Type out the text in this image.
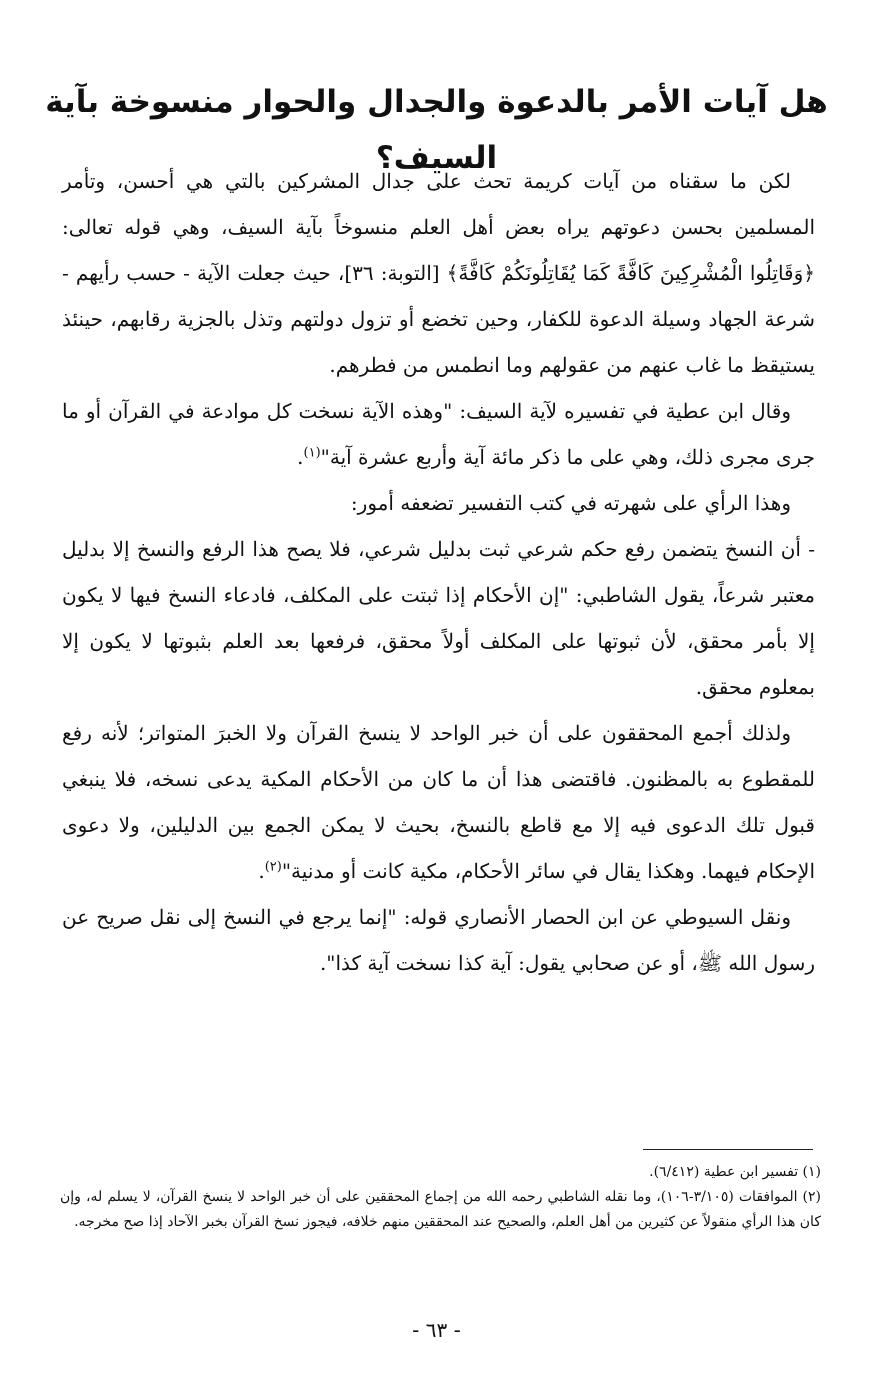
هل آيات الأمر بالدعوة والجدال والحوار منسوخة بآية السيف؟

لكن ما سقناه من آيات كريمة تحث على جدال المشركين بالتي هي أحسن، وتأمر المسلمين بحسن دعوتهم يراه بعض أهل العلم منسوخاً بآية السيف، وهي قوله تعالى: ﴿وَقَاتِلُوا الْمُشْرِكِينَ كَافَّةً كَمَا يُقَاتِلُونَكُمْ كَافَّةً﴾ [التوبة: ٣٦]، حيث جعلت الآية - حسب رأيهم - شرعة الجهاد وسيلة الدعوة للكفار، وحين تخضع أو تزول دولتهم وتذل بالجزية رقابهم، حينئذ يستيقظ ما غاب عنهم من عقولهم وما انطمس من فطرهم.

وقال ابن عطية في تفسيره لآية السيف: "وهذه الآية نسخت كل موادعة في القرآن أو ما جرى مجرى ذلك، وهي على ما ذكر مائة آية وأربع عشرة آية"$^{(١)}$.

وهذا الرأي على شهرته في كتب التفسير تضعفه أمور:

- أن النسخ يتضمن رفع حكم شرعي ثبت بدليل شرعي، فلا يصح هذا الرفع والنسخ إلا بدليل معتبر شرعاً، يقول الشاطبي: "إن الأحكام إذا ثبتت على المكلف، فادعاء النسخ فيها لا يكون إلا بأمر محقق، لأن ثبوتها على المكلف أولاً محقق، فرفعها بعد العلم بثبوتها لا يكون إلا بمعلوم محقق.

ولذلك أجمع المحققون على أن خبر الواحد لا ينسخ القرآن ولا الخبرَ المتواتر؛ لأنه رفع للمقطوع به بالمظنون. فاقتضى هذا أن ما كان من الأحكام المكية يدعى نسخه، فلا ينبغي قبول تلك الدعوى فيه إلا مع قاطع بالنسخ، بحيث لا يمكن الجمع بين الدليلين، ولا دعوى الإحكام فيهما. وهكذا يقال في سائر الأحكام، مكية كانت أو مدنية"$^{(٢)}$.

ونقل السيوطي عن ابن الحصار الأنصاري قوله: "إنما يرجع في النسخ إلى نقل صريح عن رسول الله ﷺ، أو عن صحابي يقول: آية كذا نسخت آية كذا".

(١) تفسير ابن عطية (٦/٤١٢).

(٢) الموافقات (٣/١٠٥-١٠٦)، وما نقله الشاطبي رحمه الله من إجماع المحققين على أن خبر الواحد لا ينسخ القرآن، لا يسلم له، وإن كان هذا الرأي منقولاً عن كثيرين من أهل العلم، والصحيح عند المحققين منهم خلافه، فيجوز نسخ القرآن بخبر الآحاد إذا صح مخرجه.

- ٦٣ -
